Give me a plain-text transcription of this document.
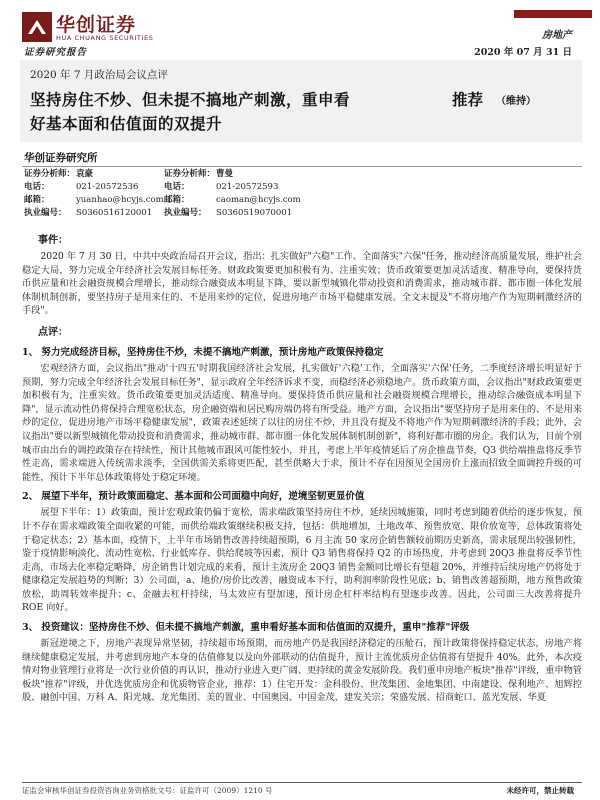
华创证券
HUA CHUANG SECURITIES	房地产
证券研究报告	2020 年 07 月 31 日
2020 年 7 月政治局会议点评
坚持房住不炒、但未提不搞地产刺激，重申看
好基本面和估值面的双提升
推荐 （维持）
华创证券研究所
证券分析师： 袁豪
电话：	021-20572536
邮箱：	yuanhao@hcyjs.com
执业编号：	S0360516120001
证券分析师： 曹曼
电话：	021-20572593
邮箱：	caoman@hcyjs.com
执业编号：	S0360519070001
事件：

2020 年 7 月 30 日，中共中央政治局召开会议，指出：扎实做好"六稳"工作、全面落实"六保"任务，推动经济高质量发展，维护社会稳定大局，努力完成全年经济社会发展目标任务。财政政策要更加积极有为、注重实效；货币政策要更加灵活适度、精准导向，要保持货币供应量和社会融资规模合理增长，推动综合融资成本明显下降，要以新型城镇化带动投资和消费需求，推动城市群、都市圈一体化发展体制机制创新，要坚持房子是用来住的、不是用来炒的定位，促进房地产市场平稳健康发展。全文未提及"不将房地产作为短期刺激经济的手段"。

点评：
1、 努力完成经济目标，坚持房住不炒，未提不搞地产刺激，预计房地产政策保持稳定

宏观经济方面，会议指出"推动'十四五'时期我国经济社会发展，扎实做好'六稳'工作，全面落实'六保'任务，二季度经济增长明显好于预期，努力完成全年经济社会发展目标任务"，显示政府全年经济诉求不变，而稳经济必须稳地产。货币政策方面，会议指出"财政政策要更加积极有为，注重实效。货币政策要更加灵活适度、精准导向。要保持货币供应量和社会融资规模合理增长，推动综合融资成本明显下降"，显示流动性仍将保持合理宽松状态，房企融资端和居民购房端仍将有所受益。地产方面，会议指出"要坚持房子是用来住的、不是用来炒的定位，促进房地产市场平稳健康发展"，政策表述延续了以往的房住不炒，并且没有提及不将地产作为短期刺激经济的手段；此外，会议指出"要以新型城镇化带动投资和消费需求，推动城市群、都市圈一体化发展体制机制创新"，将利好都市圈的房企。我们认为，目前个别城市由出台的调控政策存在持续性，预计其他城市跟风可能性较小，并且，考虑上半年疫情延后了房企推盘节奏，Q3 供给端推盘将反季节性走高，需求端进入传统需求淡季，全国供需关系将更匹配，甚至供略大于求，预计不存在因预见全国房价上涨而招致全面调控升级的可能性，预计下半年总体政策将处于稳定环境。

2、 展望下半年，预计政策面稳定、基本面和公司面稳中向好，逆境坚韧更显价值

展望下半年：1）政策面，预计宏观政策仍偏于宽松，需求端政策坚持房住不炒，延续因城施策，同时考虑到随着供给的逐步恢复，预计不存在需求端政策全面收紧的可能，而供给端政策继续积极支持，包括：供地增加，土地改革、预售放宽、限价放宽等，总体政策将处于稳定状态；2）基本面，疫情下，上半年市场销售改善持续超预期，6 月主流 50 家房企销售额较前期历史新高，需求展现出较强韧性，鉴于疫情影响淡化、流动性宽松、行业低库存、供给爬坡等因素，预计 Q3 销售将保持 Q2 的市场热度，并考虑到 20Q3 推盘将反季节性走高，市场去化率稳定略降，房企销售计划完成的来看，预计主流房企 20Q3 销售金额同比增长有望超 20%，并维持后续房地产仍将处于健康稳定发展趋势的判断；3）公司面，a、地价/房价比改善，融资成本下行，助利润率阶段性见底；b、销售改善超预期，地方预售政策放松，助周转效率提升；c、金融去杠杆持续，马太效应有望加速，预计房企杠杆率结构有望逐步改善。因此，公司面三大改善将提升 ROE 向好。

3、 投资建议：坚持房住不炒、但未提不搞地产刺激，重申看好基本面和估值面的双提升，重申"推荐"评级

新冠逆境之下，房地产表现异常坚韧，持续超市场预期，而房地产仍是我国经济稳定的压舱石，预计政策将保持稳定状态，房地产将继续健康稳定发展，并考虑到房地产本身的估值修复以及向外部联动的估值提升，预计主流优质房企估值将有望提升 40%。此外，本次疫情对物业管理行业将是一次行业价值的再认识，推动行业进入更广阔、更持续的黄金发展阶段。我们重申房地产板块"推荐"评级，重申物管板块"推荐"评级，并优选优质房企和优质物管企业，推荐：1）住宅开发：金科股份、世茂集团、金地集团、中南建设、保利地产、旭辉控股、融创中国、万科 A、阳光城、龙光集团、美的置业、中国奥园、中国金茂、建发关宗；荣盛发展、招商蛇口、蓝光发展、华夏

证监会审核华创证券投资咨询业务资格批文号：证监许可（2009）1210 号	未经许可，禁止转载
